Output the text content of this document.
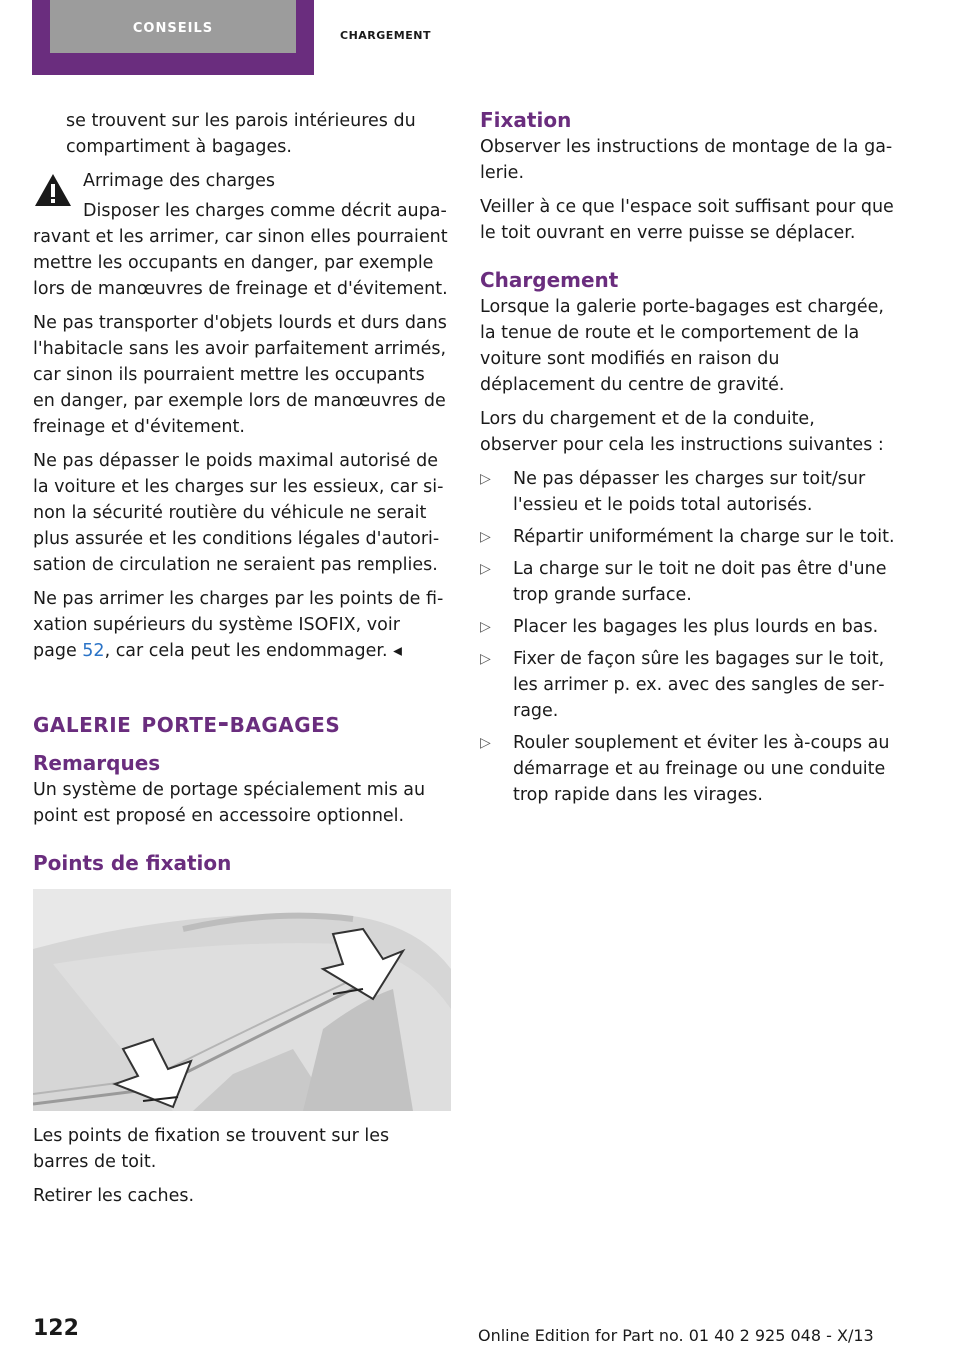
conseils	chargement

se trouvent sur les parois intérieures du compartiment à bagages.

Arrimage des charges

Disposer les charges comme décrit auparavant et les arrimer, car sinon elles pourraient mettre les occupants en danger, par exemple lors de manœuvres de freinage et d'évitement.

Ne pas transporter d'objets lourds et durs dans l'habitacle sans les avoir parfaitement arrimés, car sinon ils pourraient mettre les occupants en danger, par exemple lors de manœuvres de freinage et d'évitement.

Ne pas dépasser le poids maximal autorisé de la voiture et les charges sur les essieux, car sinon la sécurité routière du véhicule ne serait plus assurée et les conditions légales d'autorisation de circulation ne seraient pas remplies.

Ne pas arrimer les charges par les points de fixation supérieurs du système ISOFIX, voir page 52, car cela peut les endommager. ◂

galerie porte-bagages
Remarques

Un système de portage spécialement mis au point est proposé en accessoire optionnel.

Points de fixation

Les points de fixation se trouvent sur les barres de toit.

Retirer les caches.

Fixation

Observer les instructions de montage de la galerie.

Veiller à ce que l'espace soit suffisant pour que le toit ouvrant en verre puisse se déplacer.

Chargement

Lorsque la galerie porte-bagages est chargée, la tenue de route et le comportement de la voiture sont modifiés en raison du déplacement du centre de gravité.

Lors du chargement et de la conduite, observer pour cela les instructions suivantes :

▷ Ne pas dépasser les charges sur toit/sur l'essieu et le poids total autorisés.
▷ Répartir uniformément la charge sur le toit.
▷ La charge sur le toit ne doit pas être d'une trop grande surface.
▷ Placer les bagages les plus lourds en bas.
▷ Fixer de façon sûre les bagages sur le toit, les arrimer p. ex. avec des sangles de serrage.
▷ Rouler souplement et éviter les à-coups au démarrage et au freinage ou une conduite trop rapide dans les virages.
122	Online Edition for Part no. 01 40 2 925 048 - X/13
